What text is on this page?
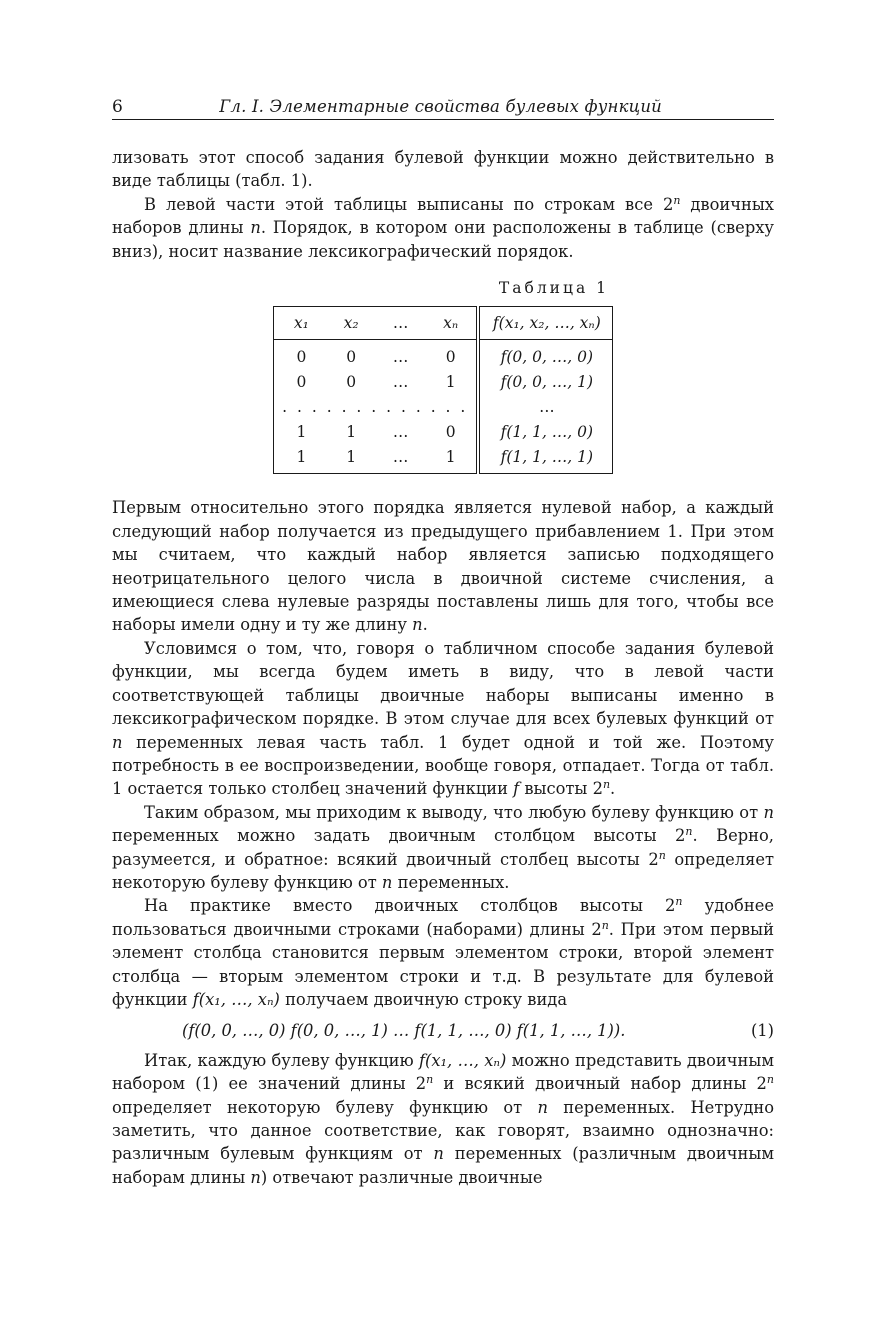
6	Гл. I. Элементарные свойства булевых функций

лизовать этот способ задания булевой функции можно действительно в виде таблицы (табл. 1).

В левой части этой таблицы выписаны по строкам все 2$^n$ двоичных наборов длины n. Порядок, в котором они расположены в таблице (сверху вниз), носит название лексикографический порядок.

Таблица 1
x₁	x₂	…	xₙ	f(x₁, x₂, …, xₙ)
0	0	…	0	f(0, 0, …, 0)
0	0	…	1	f(0, 0, …, 1)
. . . . . . . . . . . . .				…
1	1	…	0	f(1, 1, …, 0)
1	1	…	1	f(1, 1, …, 1)

Первым относительно этого порядка является нулевой набор, а каждый следующий набор получается из предыдущего прибавлением 1. При этом мы считаем, что каждый набор является записью подходящего неотрицательного целого числа в двоичной системе счисления, а имеющиеся слева нулевые разряды поставлены лишь для того, чтобы все наборы имели одну и ту же длину n.

Условимся о том, что, говоря о табличном способе задания булевой функции, мы всегда будем иметь в виду, что в левой части соответствующей таблицы двоичные наборы выписаны именно в лексикографическом порядке. В этом случае для всех булевых функций от n переменных левая часть табл. 1 будет одной и той же. Поэтому потребность в ее воспроизведении, вообще говоря, отпадает. Тогда от табл. 1 остается только столбец значений функции f высоты 2$^n$.

Таким образом, мы приходим к выводу, что любую булеву функцию от n переменных можно задать двоичным столбцом высоты 2$^n$. Верно, разумеется, и обратное: всякий двоичный столбец высоты 2$^n$ определяет некоторую булеву функцию от n переменных.

На практике вместо двоичных столбцов высоты 2$^n$ удобнее пользоваться двоичными строками (наборами) длины 2$^n$. При этом первый элемент столбца становится первым элементом строки, второй элемент столбца — вторым элементом строки и т.д. В результате для булевой функции f(x₁, …, xₙ) получаем двоичную строку вида

(f(0, 0, …, 0) f(0, 0, …, 1) … f(1, 1, …, 0) f(1, 1, …, 1)).	(1)

Итак, каждую булеву функцию f(x₁, …, xₙ) можно представить двоичным набором (1) ее значений длины 2$^n$ и всякий двоичный набор длины 2$^n$ определяет некоторую булеву функцию от n переменных. Нетрудно заметить, что данное соответствие, как говорят, взаимно однозначно: различным булевым функциям от n переменных (различным двоичным наборам длины n) отвечают различные двоичные
